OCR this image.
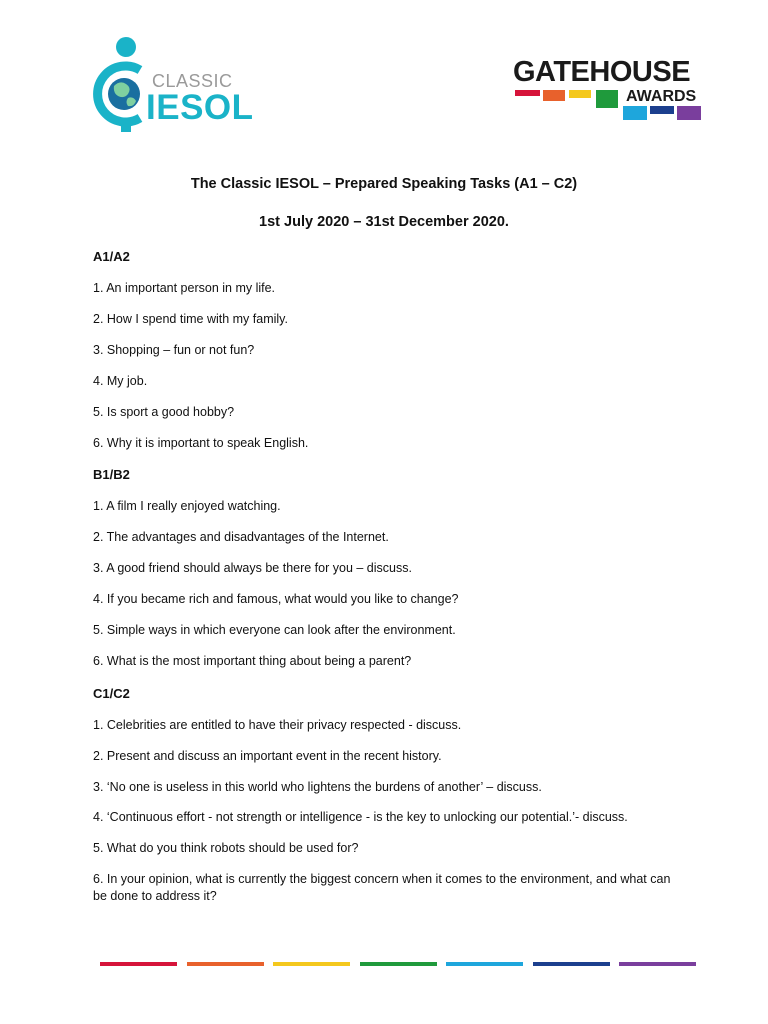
CLASSIC
IESOL
GATEHOUSE
AWARDS
The Classic IESOL – Prepared Speaking Tasks (A1 – C2)
1st July 2020 – 31st December 2020.
A1/A2
1. An important person in my life.
2. How I spend time with my family.
3. Shopping – fun or not fun?
4. My job.
5. Is sport a good hobby?
6. Why it is important to speak English.
B1/B2
1. A film I really enjoyed watching.
2. The advantages and disadvantages of the Internet.
3. A good friend should always be there for you – discuss.
4. If you became rich and famous, what would you like to change?
5. Simple ways in which everyone can look after the environment.
6. What is the most important thing about being a parent?
C1/C2
1. Celebrities are entitled to have their privacy respected - discuss.
2. Present and discuss an important event in the recent history.
3. ‘No one is useless in this world who lightens the burdens of another’ – discuss.
4. ‘Continuous effort - not strength or intelligence - is the key to unlocking our potential.’- discuss.
5. What do you think robots should be used for?
6. In your opinion, what is currently the biggest concern when it comes to the environment, and what can be done to address it?
